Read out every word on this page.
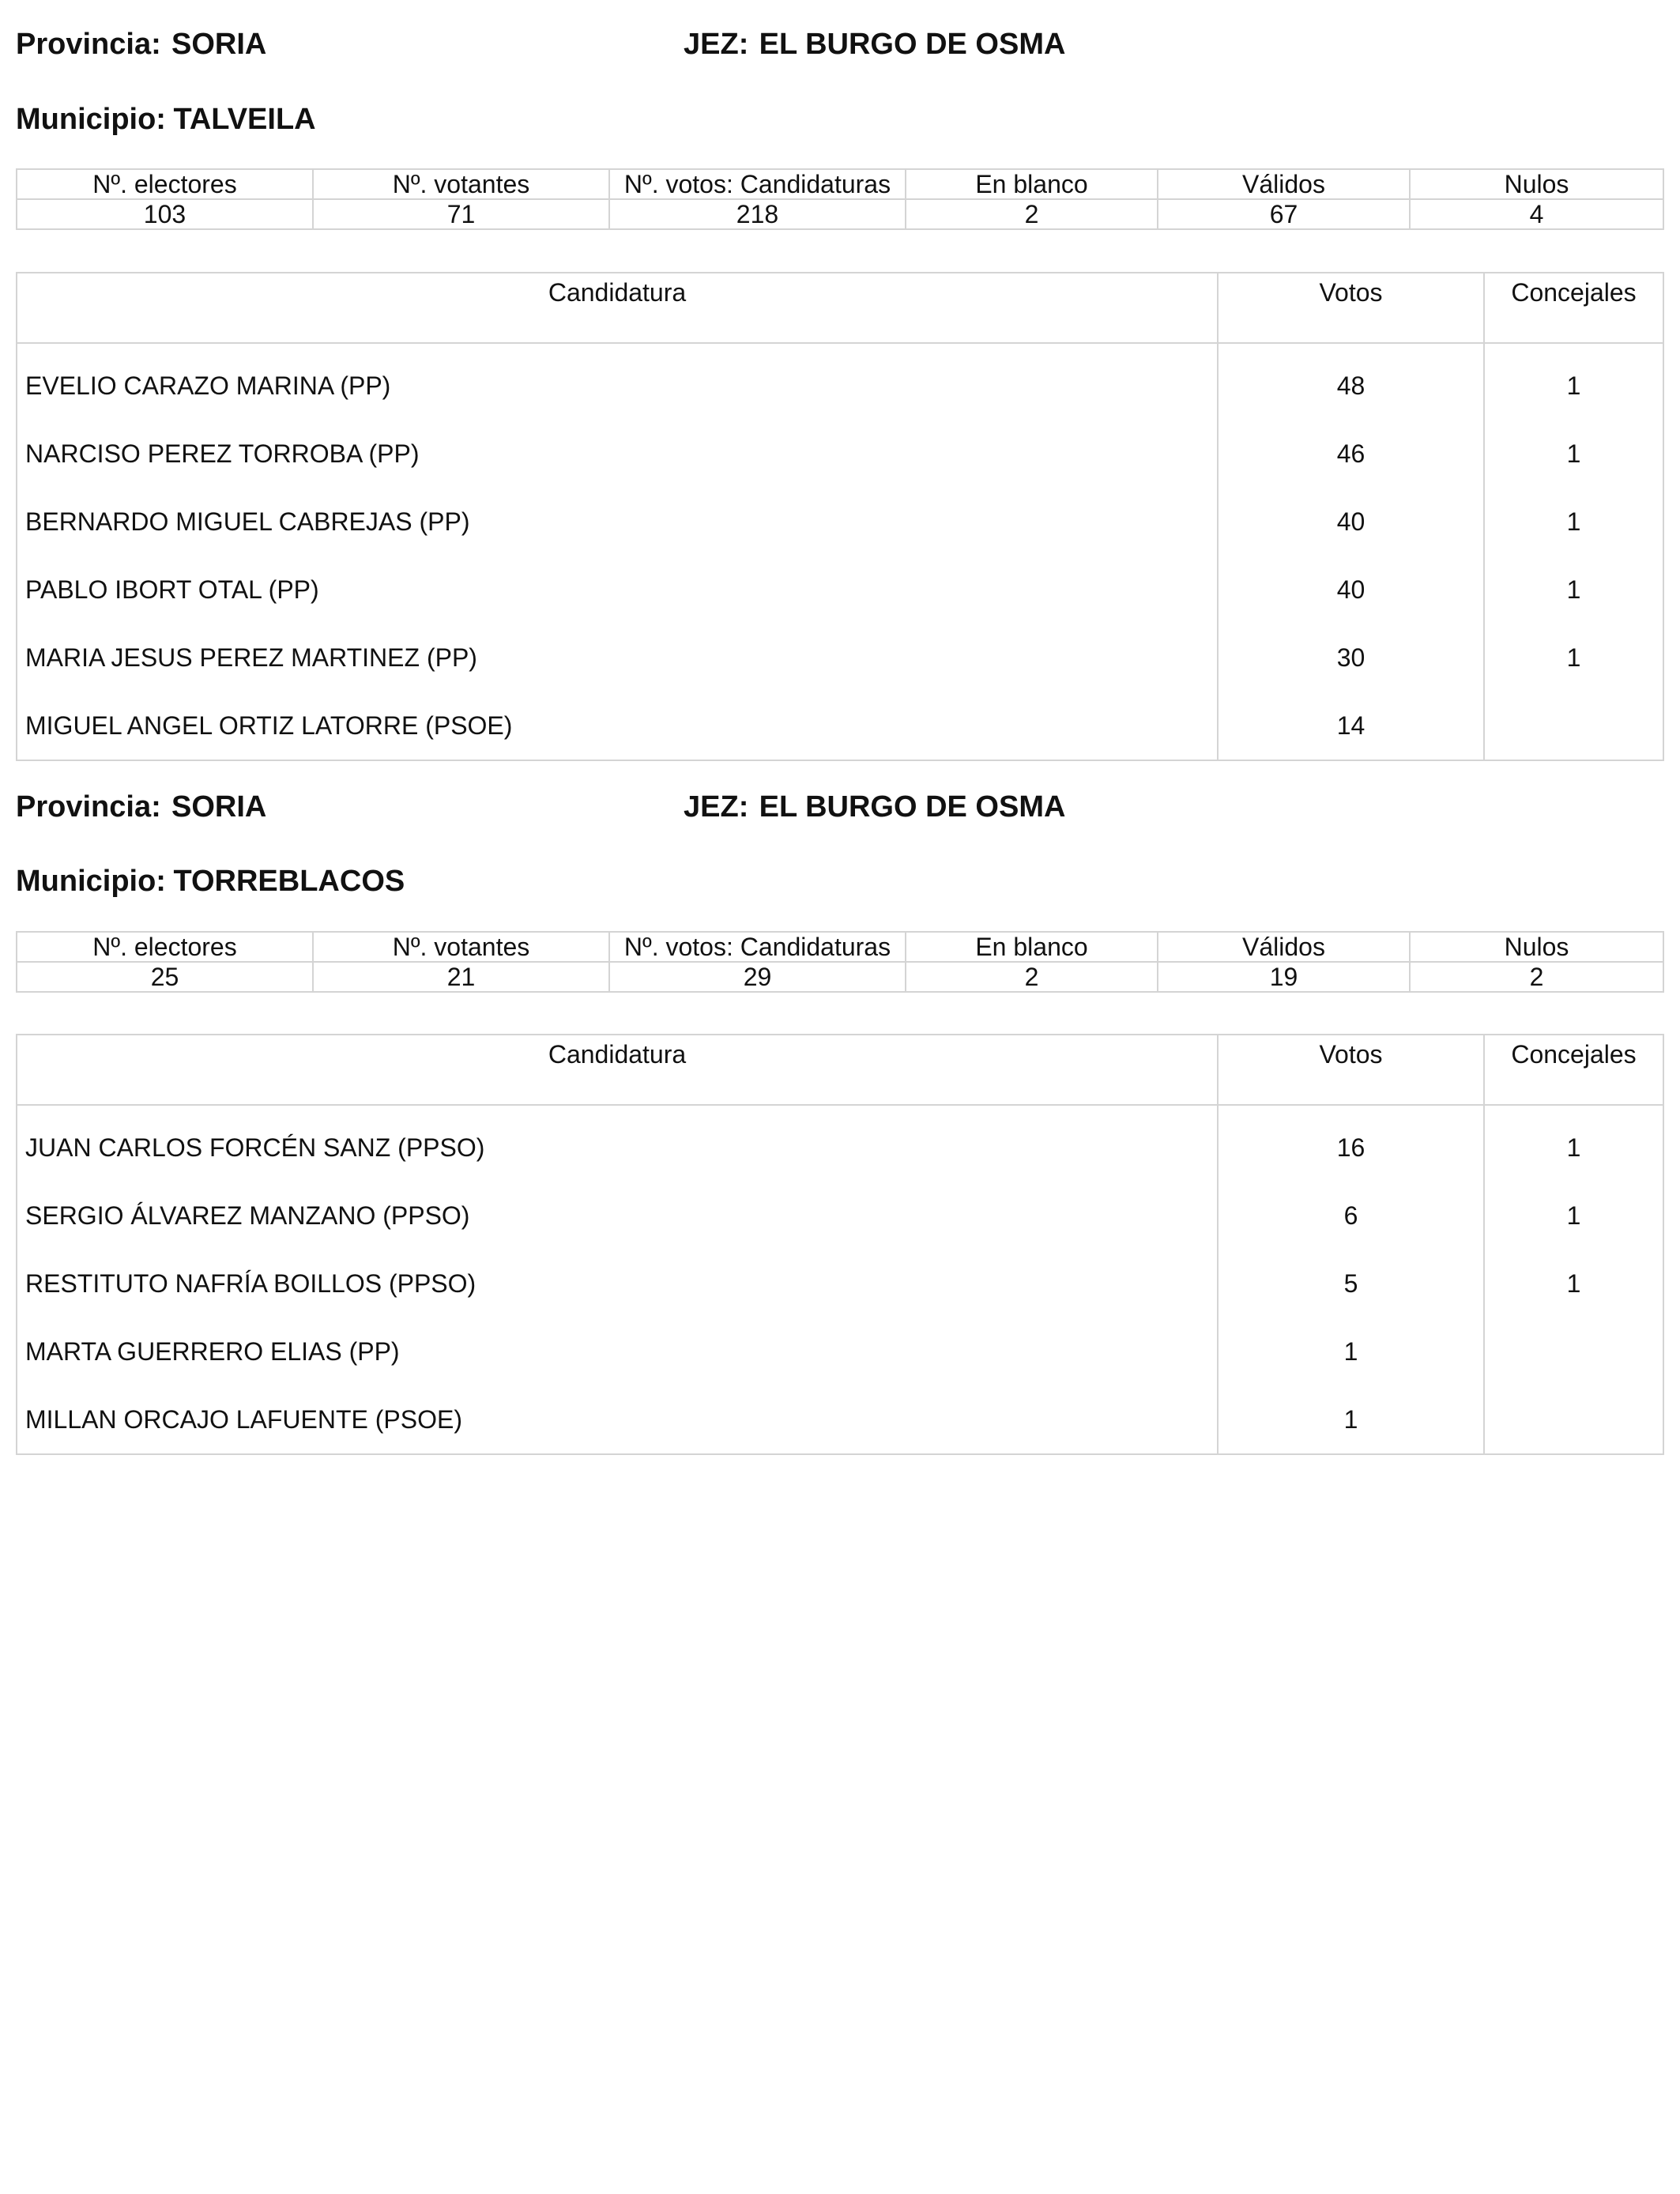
Provincia: SORIA	JEZ: EL BURGO DE OSMA
Municipio: TALVEILA
Nº. electores	Nº. votantes	Nº. votos: Candidaturas	En blanco	Válidos	Nulos
103	71	218	2	67	4
Candidatura	Votos	Concejales
EVELIO CARAZO MARINA (PP)	48	1
NARCISO PEREZ TORROBA (PP)	46	1
BERNARDO MIGUEL CABREJAS (PP)	40	1
PABLO IBORT OTAL (PP)	40	1
MARIA JESUS PEREZ MARTINEZ (PP)	30	1
MIGUEL ANGEL ORTIZ LATORRE (PSOE)	14	
Provincia: SORIA	JEZ: EL BURGO DE OSMA
Municipio: TORREBLACOS
Nº. electores	Nº. votantes	Nº. votos: Candidaturas	En blanco	Válidos	Nulos
25	21	29	2	19	2
Candidatura	Votos	Concejales
JUAN CARLOS FORCÉN SANZ (PPSO)	16	1
SERGIO ÁLVAREZ MANZANO (PPSO)	6	1
RESTITUTO NAFRÍA BOILLOS (PPSO)	5	1
MARTA GUERRERO ELIAS (PP)	1	
MILLAN ORCAJO LAFUENTE (PSOE)	1	
